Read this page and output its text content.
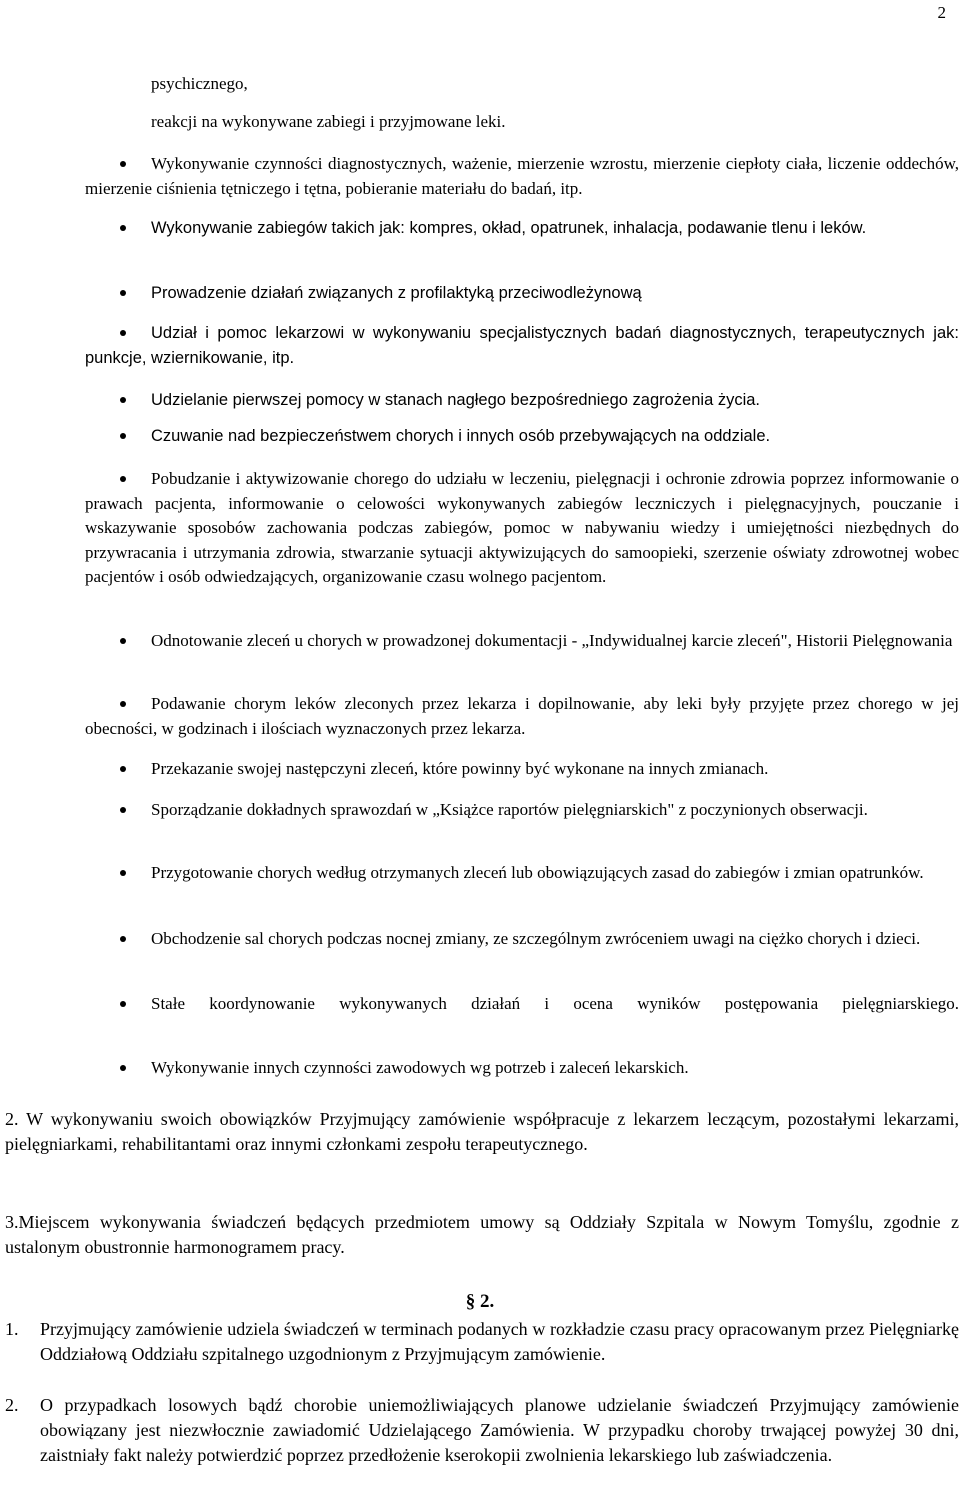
2
psychicznego,
reakcji na wykonywane zabiegi i przyjmowane leki.
Wykonywanie czynności diagnostycznych, ważenie, mierzenie wzrostu, mierzenie ciepłoty ciała, liczenie oddechów, mierzenie ciśnienia tętniczego i tętna, pobieranie materiału do badań, itp.
Wykonywanie zabiegów takich jak: kompres, okład, opatrunek, inhalacja, podawanie tlenu i leków.
Prowadzenie działań związanych z profilaktyką przeciwodleżynową
Udział i pomoc lekarzowi w wykonywaniu specjalistycznych badań diagnostycznych, terapeutycznych jak: punkcje, wziernikowanie, itp.
Udzielanie pierwszej pomocy w stanach nagłego bezpośredniego zagrożenia życia.
Czuwanie nad bezpieczeństwem chorych i innych osób przebywających na oddziale.
Pobudzanie i aktywizowanie chorego do udziału w leczeniu, pielęgnacji i ochronie zdrowia poprzez informowanie o prawach pacjenta, informowanie o celowości wykonywanych zabiegów leczniczych i pielęgnacyjnych, pouczanie i wskazywanie sposobów zachowania podczas zabiegów, pomoc w nabywaniu wiedzy i umiejętności niezbędnych do przywracania i utrzymania zdrowia, stwarzanie sytuacji aktywizujących do samoopieki, szerzenie oświaty zdrowotnej wobec pacjentów i osób odwiedzających, organizowanie czasu wolnego pacjentom.
Odnotowanie zleceń u chorych w prowadzonej dokumentacji - „Indywidualnej karcie zleceń", Historii Pielęgnowania
Podawanie chorym leków zleconych przez lekarza i dopilnowanie, aby leki były przyjęte przez chorego w jej obecności, w godzinach i ilościach wyznaczonych przez lekarza.
Przekazanie swojej następczyni zleceń, które powinny być wykonane na innych zmianach.
Sporządzanie dokładnych sprawozdań w „Książce raportów pielęgniarskich" z poczynionych obserwacji.
Przygotowanie chorych według otrzymanych zleceń lub obowiązujących zasad do zabiegów i zmian opatrunków.
Obchodzenie sal chorych podczas nocnej zmiany, ze szczególnym zwróceniem uwagi na ciężko chorych i dzieci.
Stałe koordynowanie wykonywanych działań i ocena wyników postępowania pielęgniarskiego.
Wykonywanie innych czynności zawodowych wg potrzeb i zaleceń lekarskich.
2. W wykonywaniu swoich obowiązków Przyjmujący zamówienie współpracuje z lekarzem leczącym, pozostałymi lekarzami, pielęgniarkami, rehabilitantami oraz innymi członkami zespołu terapeutycznego.
3.Miejscem wykonywania świadczeń będących przedmiotem umowy są Oddziały Szpitala w Nowym Tomyślu, zgodnie z ustalonym obustronnie harmonogramem pracy.
§ 2.
1. Przyjmujący zamówienie udziela świadczeń w terminach podanych w rozkładzie czasu pracy opracowanym przez Pielęgniarkę Oddziałową Oddziału szpitalnego uzgodnionym z Przyjmującym zamówienie.
2. O przypadkach losowych bądź chorobie uniemożliwiających planowe udzielanie świadczeń Przyjmujący zamówienie obowiązany jest niezwłocznie zawiadomić Udzielającego Zamówienia. W przypadku choroby trwającej powyżej 30 dni, zaistniały fakt należy potwierdzić poprzez przedłożenie kserokopii zwolnienia lekarskiego lub zaświadczenia.
